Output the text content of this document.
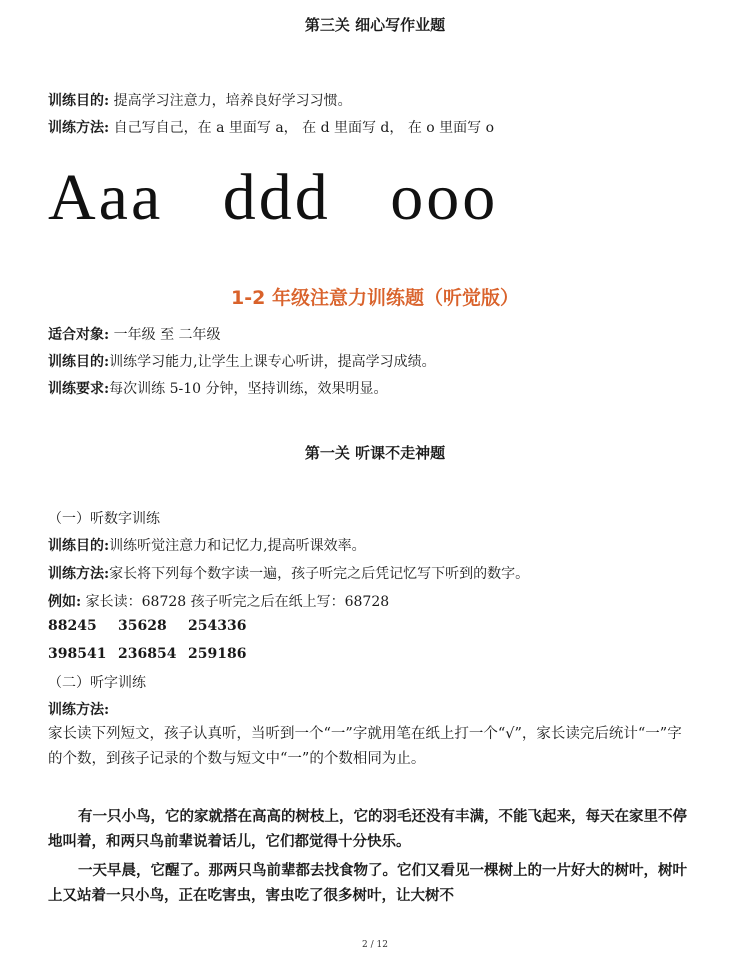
第三关 细心写作业题
训练目的: 提高学习注意力，培养良好学习习惯。
训练方法: 自己写自己，在 a 里面写 a， 在 d 里面写 d， 在 o 里面写 o
Aaa ddd ooo
1-2 年级注意力训练题（听觉版）
适合对象: 一年级 至 二年级
训练目的:训练学习能力,让学生上课专心听讲，提高学习成绩。
训练要求:每次训练 5-10 分钟，坚持训练，效果明显。
第一关 听课不走神题
（一）听数字训练
训练目的:训练听觉注意力和记忆力,提高听课效率。
训练方法:家长将下列每个数字读一遍，孩子听完之后凭记忆写下听到的数字。
例如: 家长读：68728 孩子听完之后在纸上写：68728
88245 35628 254336
398541 236854 259186
（二）听字训练
训练方法:
家长读下列短文，孩子认真听，当听到一个“一”字就用笔在纸上打一个“√”，家长读完后统计“一”字的个数，到孩子记录的个数与短文中“一”的个数相同为止。
有一只小鸟，它的家就搭在高高的树枝上，它的羽毛还没有丰满，不能飞起来，每天在家里不停地叫着，和两只鸟前辈说着话儿，它们都觉得十分快乐。
一天早晨，它醒了。那两只鸟前辈都去找食物了。它们又看见一棵树上的一片好大的树叶，树叶上又站着一只小鸟，正在吃害虫，害虫吃了很多树叶，让大树不
2 / 12
